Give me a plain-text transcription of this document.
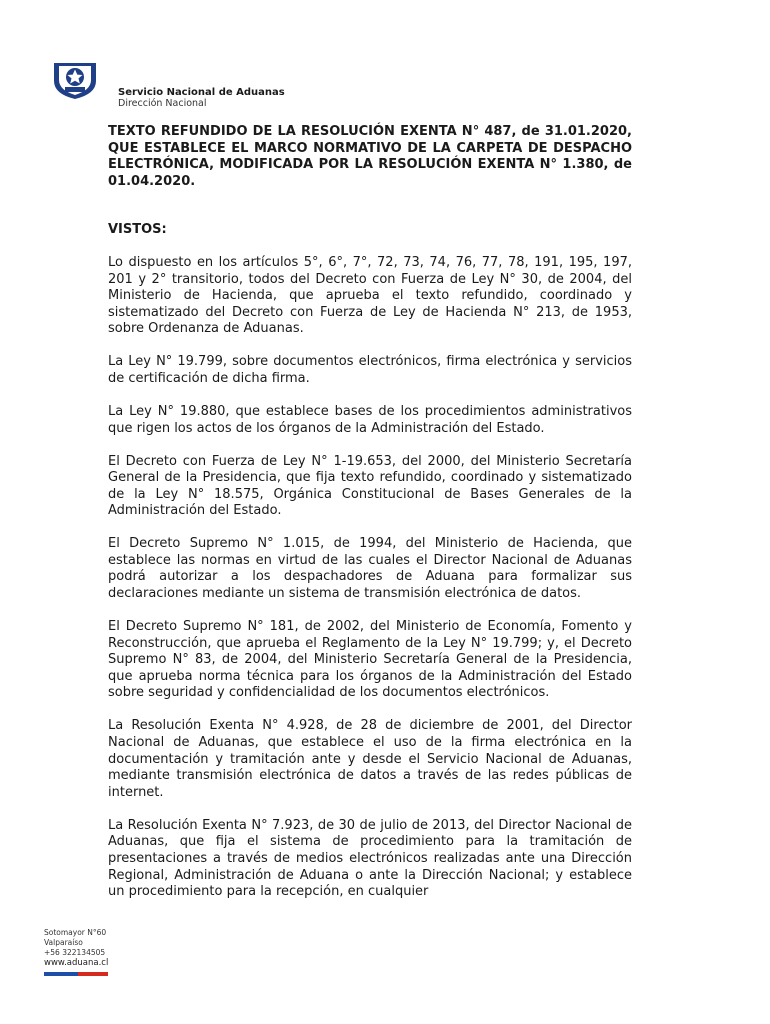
Servicio Nacional de Aduanas
Dirección Nacional

TEXTO REFUNDIDO DE LA RESOLUCIÓN EXENTA N° 487, de 31.01.2020, QUE ESTABLECE EL MARCO NORMATIVO DE LA CARPETA DE DESPACHO ELECTRÓNICA, MODIFICADA POR LA RESOLUCIÓN EXENTA N° 1.380, de 01.04.2020.

VISTOS:

Lo dispuesto en los artículos 5°, 6°, 7°, 72, 73, 74, 76, 77, 78, 191, 195, 197, 201 y 2° transitorio, todos del Decreto con Fuerza de Ley N° 30, de 2004, del Ministerio de Hacienda, que aprueba el texto refundido, coordinado y sistematizado del Decreto con Fuerza de Ley de Hacienda N° 213, de 1953, sobre Ordenanza de Aduanas.

La Ley N° 19.799, sobre documentos electrónicos, firma electrónica y servicios de certificación de dicha firma.

La Ley N° 19.880, que establece bases de los procedimientos administrativos que rigen los actos de los órganos de la Administración del Estado.

El Decreto con Fuerza de Ley N° 1-19.653, del 2000, del Ministerio Secretaría General de la Presidencia, que fija texto refundido, coordinado y sistematizado de la Ley N° 18.575, Orgánica Constitucional de Bases Generales de la Administración del Estado.

El Decreto Supremo N° 1.015, de 1994, del Ministerio de Hacienda, que establece las normas en virtud de las cuales el Director Nacional de Aduanas podrá autorizar a los despachadores de Aduana para formalizar sus declaraciones mediante un sistema de transmisión electrónica de datos.

El Decreto Supremo N° 181, de 2002, del Ministerio de Economía, Fomento y Reconstrucción, que aprueba el Reglamento de la Ley N° 19.799; y, el Decreto Supremo N° 83, de 2004, del Ministerio Secretaría General de la Presidencia, que aprueba norma técnica para los órganos de la Administración del Estado sobre seguridad y confidencialidad de los documentos electrónicos.

La Resolución Exenta N° 4.928, de 28 de diciembre de 2001, del Director Nacional de Aduanas, que establece el uso de la firma electrónica en la documentación y tramitación ante y desde el Servicio Nacional de Aduanas, mediante transmisión electrónica de datos a través de las redes públicas de internet.

La Resolución Exenta N° 7.923, de 30 de julio de 2013, del Director Nacional de Aduanas, que fija el sistema de procedimiento para la tramitación de presentaciones a través de medios electrónicos realizadas ante una Dirección Regional, Administración de Aduana o ante la Dirección Nacional; y establece un procedimiento para la recepción, en cualquier

Sotomayor N°60
Valparaíso
+56 322134505
www.aduana.cl
